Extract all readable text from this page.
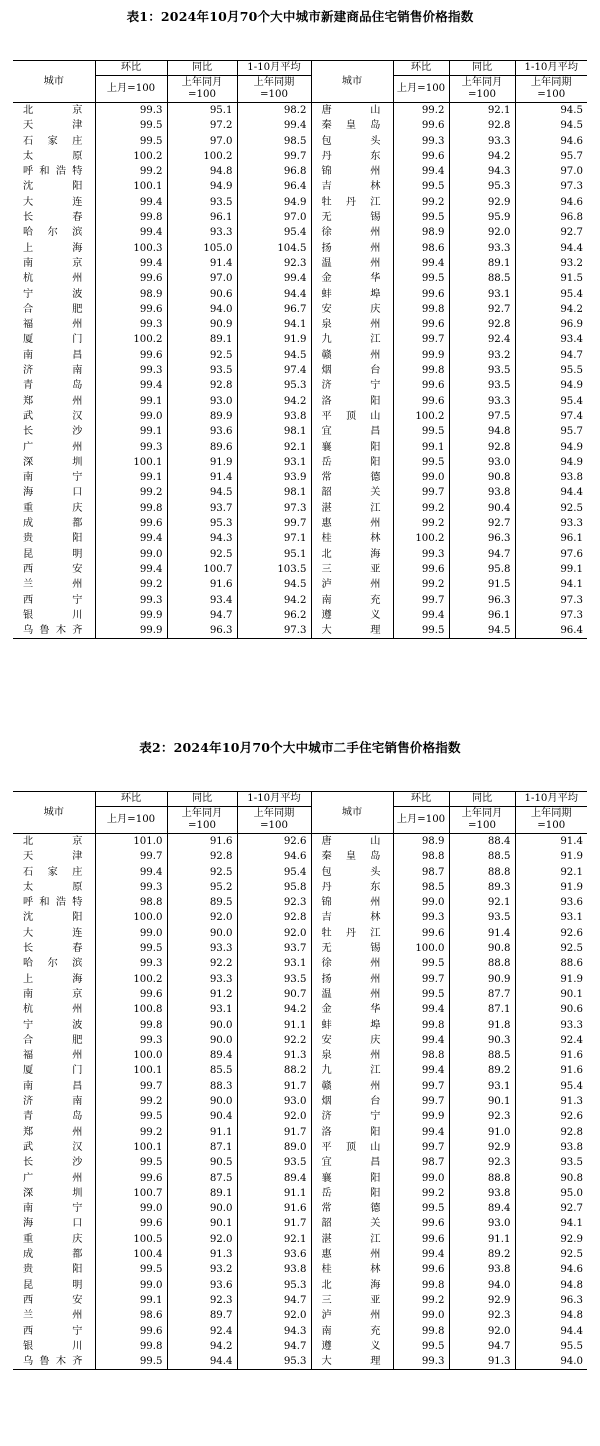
表1：2024年10月70个大中城市新建商品住宅销售价格指数
城市	环比	同比	1-10月平均	城市	环比	同比	1-10月平均
	上月=100	上年同月
=100	上年同期
=100		上月=100	上年同月
=100	上年同期
=100

北京	99.3	95.1	98.2	唐山	99.2	92.1	94.5
天津	99.5	97.2	99.4	秦皇岛	99.6	92.8	94.5
石家庄	99.5	97.0	98.5	包头	99.3	93.3	94.6
太原	100.2	100.2	99.7	丹东	99.6	94.2	95.7
呼和浩特	99.2	94.8	96.8	锦州	99.4	94.3	97.0
沈阳	100.1	94.9	96.4	吉林	99.5	95.3	97.3
大连	99.4	93.5	94.9	牡丹江	99.2	92.9	94.6
长春	99.8	96.1	97.0	无锡	99.5	95.9	96.8
哈尔滨	99.4	93.3	95.4	徐州	98.9	92.0	92.7
上海	100.3	105.0	104.5	扬州	98.6	93.3	94.4
南京	99.4	91.4	92.3	温州	99.4	89.1	93.2
杭州	99.6	97.0	99.4	金华	99.5	88.5	91.5
宁波	98.9	90.6	94.4	蚌埠	99.6	93.1	95.4
合肥	99.6	94.0	96.7	安庆	99.8	92.7	94.2
福州	99.3	90.9	94.1	泉州	99.6	92.8	96.9
厦门	100.2	89.1	91.9	九江	99.7	92.4	93.4
南昌	99.6	92.5	94.5	赣州	99.9	93.2	94.7
济南	99.3	93.5	97.4	烟台	99.8	93.5	95.5
青岛	99.4	92.8	95.3	济宁	99.6	93.5	94.9
郑州	99.1	93.0	94.2	洛阳	99.6	93.3	95.4
武汉	99.0	89.9	93.8	平顶山	100.2	97.5	97.4
长沙	99.1	93.6	98.1	宜昌	99.5	94.8	95.7
广州	99.3	89.6	92.1	襄阳	99.1	92.8	94.9
深圳	100.1	91.9	93.1	岳阳	99.5	93.0	94.9
南宁	99.1	91.4	93.9	常德	99.0	90.8	93.8
海口	99.2	94.5	98.1	韶关	99.7	93.8	94.4
重庆	99.8	93.7	97.3	湛江	99.2	90.4	92.5
成都	99.6	95.3	99.7	惠州	99.2	92.7	93.3
贵阳	99.4	94.3	97.1	桂林	100.2	96.3	96.1
昆明	99.0	92.5	95.1	北海	99.3	94.7	97.6
西安	99.4	100.7	103.5	三亚	99.6	95.8	99.1
兰州	99.2	91.6	94.5	泸州	99.2	91.5	94.1
西宁	99.3	93.4	94.2	南充	99.7	96.3	97.3
银川	99.9	94.7	96.2	遵义	99.4	96.1	97.3
乌鲁木齐	99.9	96.3	97.3	大理	99.5	94.5	96.4
表2：2024年10月70个大中城市二手住宅销售价格指数
城市	环比	同比	1-10月平均	城市	环比	同比	1-10月平均
	上月=100	上年同月
=100	上年同期
=100		上月=100	上年同月
=100	上年同期
=100

北京	101.0	91.6	92.6	唐山	98.9	88.4	91.4
天津	99.7	92.8	94.6	秦皇岛	98.8	88.5	91.9
石家庄	99.4	92.5	95.4	包头	98.7	88.8	92.1
太原	99.3	95.2	95.8	丹东	98.5	89.3	91.9
呼和浩特	98.8	89.5	92.3	锦州	99.0	92.1	93.6
沈阳	100.0	92.0	92.8	吉林	99.3	93.5	93.1
大连	99.0	90.0	92.0	牡丹江	99.6	91.4	92.6
长春	99.5	93.3	93.7	无锡	100.0	90.8	92.5
哈尔滨	99.3	92.2	93.1	徐州	99.5	88.8	88.6
上海	100.2	93.3	93.5	扬州	99.7	90.9	91.9
南京	99.6	91.2	90.7	温州	99.5	87.7	90.1
杭州	100.8	93.1	94.2	金华	99.4	87.1	90.6
宁波	99.8	90.0	91.1	蚌埠	99.8	91.8	93.3
合肥	99.3	90.0	92.2	安庆	99.4	90.3	92.4
福州	100.0	89.4	91.3	泉州	98.8	88.5	91.6
厦门	100.1	85.5	88.2	九江	99.4	89.2	91.6
南昌	99.7	88.3	91.7	赣州	99.7	93.1	95.4
济南	99.2	90.0	93.0	烟台	99.7	90.1	91.3
青岛	99.5	90.4	92.0	济宁	99.9	92.3	92.6
郑州	99.2	91.1	91.7	洛阳	99.4	91.0	92.8
武汉	100.1	87.1	89.0	平顶山	99.7	92.9	93.8
长沙	99.5	90.5	93.5	宜昌	98.7	92.3	93.5
广州	99.6	87.5	89.4	襄阳	99.0	88.8	90.8
深圳	100.7	89.1	91.1	岳阳	99.2	93.8	95.0
南宁	99.0	90.0	91.6	常德	99.5	89.4	92.7
海口	99.6	90.1	91.7	韶关	99.6	93.0	94.1
重庆	100.5	92.0	92.1	湛江	99.6	91.1	92.9
成都	100.4	91.3	93.6	惠州	99.4	89.2	92.5
贵阳	99.5	93.2	93.8	桂林	99.6	93.8	94.6
昆明	99.0	93.6	95.3	北海	99.8	94.0	94.8
西安	99.1	92.3	94.7	三亚	99.2	92.9	96.3
兰州	98.6	89.7	92.0	泸州	99.0	92.3	94.8
西宁	99.6	92.4	94.3	南充	99.8	92.0	94.4
银川	99.8	94.2	94.7	遵义	99.5	94.7	95.5
乌鲁木齐	99.5	94.4	95.3	大理	99.3	91.3	94.0
